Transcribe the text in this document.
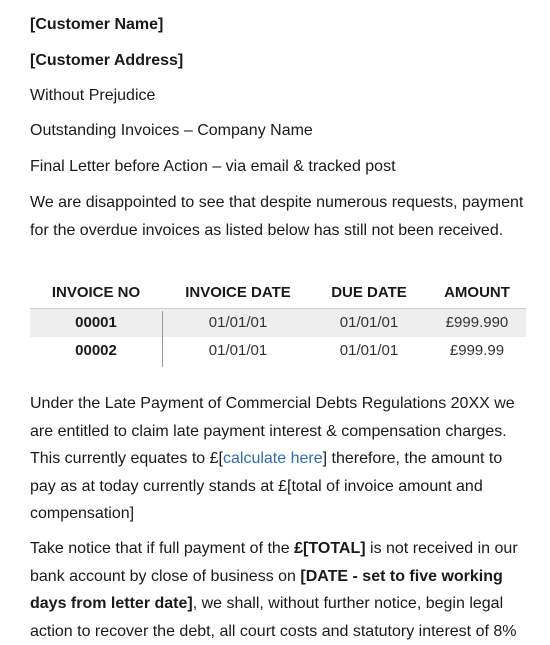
[Customer Name]
[Customer Address]
Without Prejudice
Outstanding Invoices – Company Name
Final Letter before Action – via email & tracked post
We are disappointed to see that despite numerous requests, payment for the overdue invoices as listed below has still not been received.
INVOICE NO	INVOICE DATE	DUE DATE	AMOUNT
00001	01/01/01	01/01/01	£999.990
00002	01/01/01	01/01/01	£999.99
Under the Late Payment of Commercial Debts Regulations 20XX we are entitled to claim late payment interest & compensation charges. This currently equates to £[calculate here] therefore, the amount to pay as at today currently stands at £[total of invoice amount and compensation]
Take notice that if full payment of the £[TOTAL] is not received in our bank account by close of business on [DATE - set to five working days from letter date], we shall, without further notice, begin legal action to recover the debt, all court costs and statutory interest of 8%
